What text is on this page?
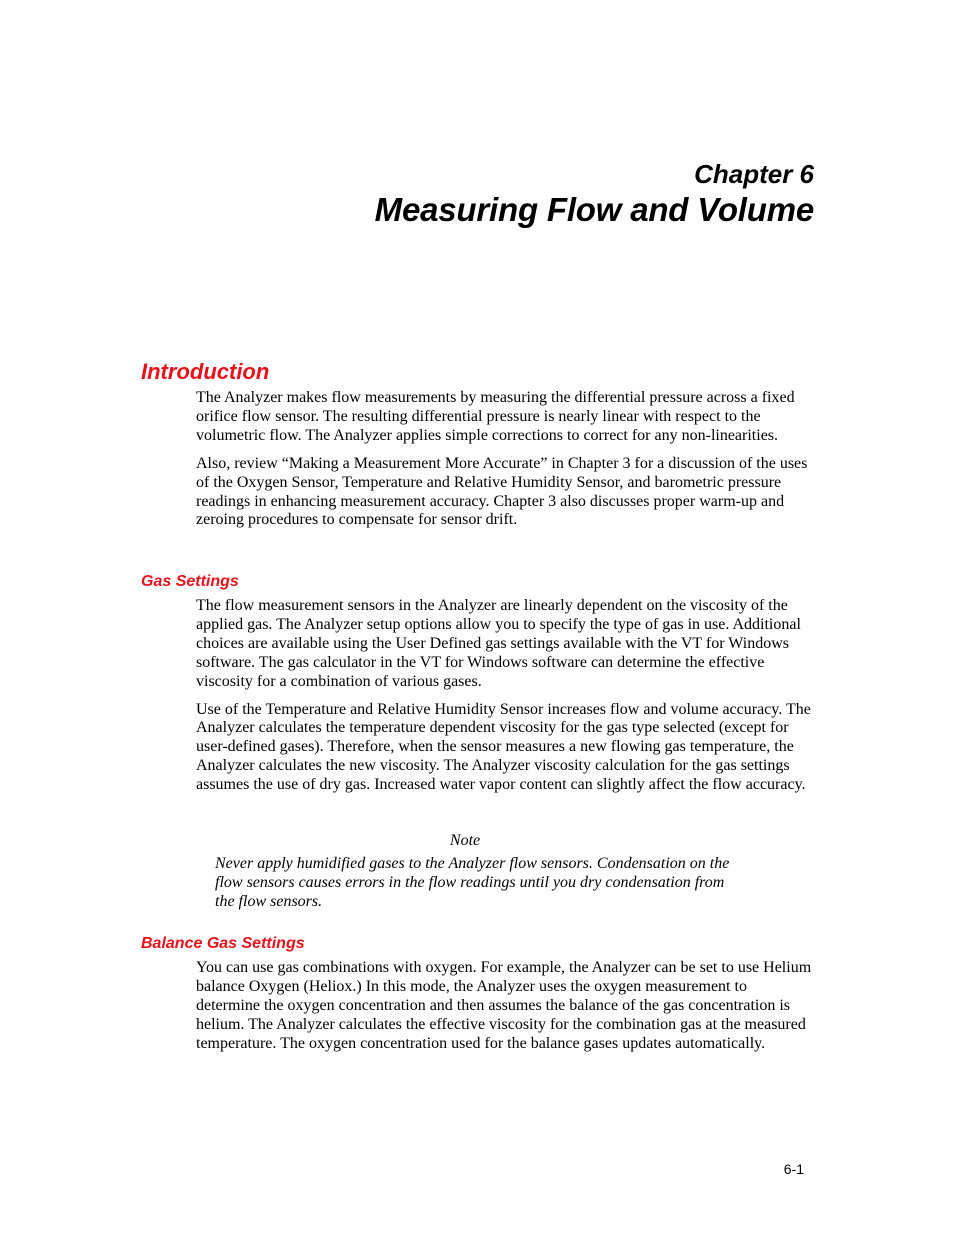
Chapter 6

Measuring Flow and Volume

Introduction

The Analyzer makes flow measurements by measuring the differential pressure across a fixed orifice flow sensor. The resulting differential pressure is nearly linear with respect to the volumetric flow. The Analyzer applies simple corrections to correct for any non-linearities.

Also, review “Making a Measurement More Accurate” in Chapter 3 for a discussion of the uses of the Oxygen Sensor, Temperature and Relative Humidity Sensor, and barometric pressure readings in enhancing measurement accuracy. Chapter 3 also discusses proper warm-up and zeroing procedures to compensate for sensor drift.

Gas Settings

The flow measurement sensors in the Analyzer are linearly dependent on the viscosity of the applied gas. The Analyzer setup options allow you to specify the type of gas in use. Additional choices are available using the User Defined gas settings available with the VT for Windows software. The gas calculator in the VT for Windows software can determine the effective viscosity for a combination of various gases.

Use of the Temperature and Relative Humidity Sensor increases flow and volume accuracy. The Analyzer calculates the temperature dependent viscosity for the gas type selected (except for user-defined gases). Therefore, when the sensor measures a new flowing gas temperature, the Analyzer calculates the new viscosity. The Analyzer viscosity calculation for the gas settings assumes the use of dry gas. Increased water vapor content can slightly affect the flow accuracy.

Note

Never apply humidified gases to the Analyzer flow sensors. Condensation on the flow sensors causes errors in the flow readings until you dry condensation from the flow sensors.

Balance Gas Settings

You can use gas combinations with oxygen. For example, the Analyzer can be set to use Helium balance Oxygen (Heliox.) In this mode, the Analyzer uses the oxygen measurement to determine the oxygen concentration and then assumes the balance of the gas concentration is helium. The Analyzer calculates the effective viscosity for the combination gas at the measured temperature. The oxygen concentration used for the balance gases updates automatically.

6-1
